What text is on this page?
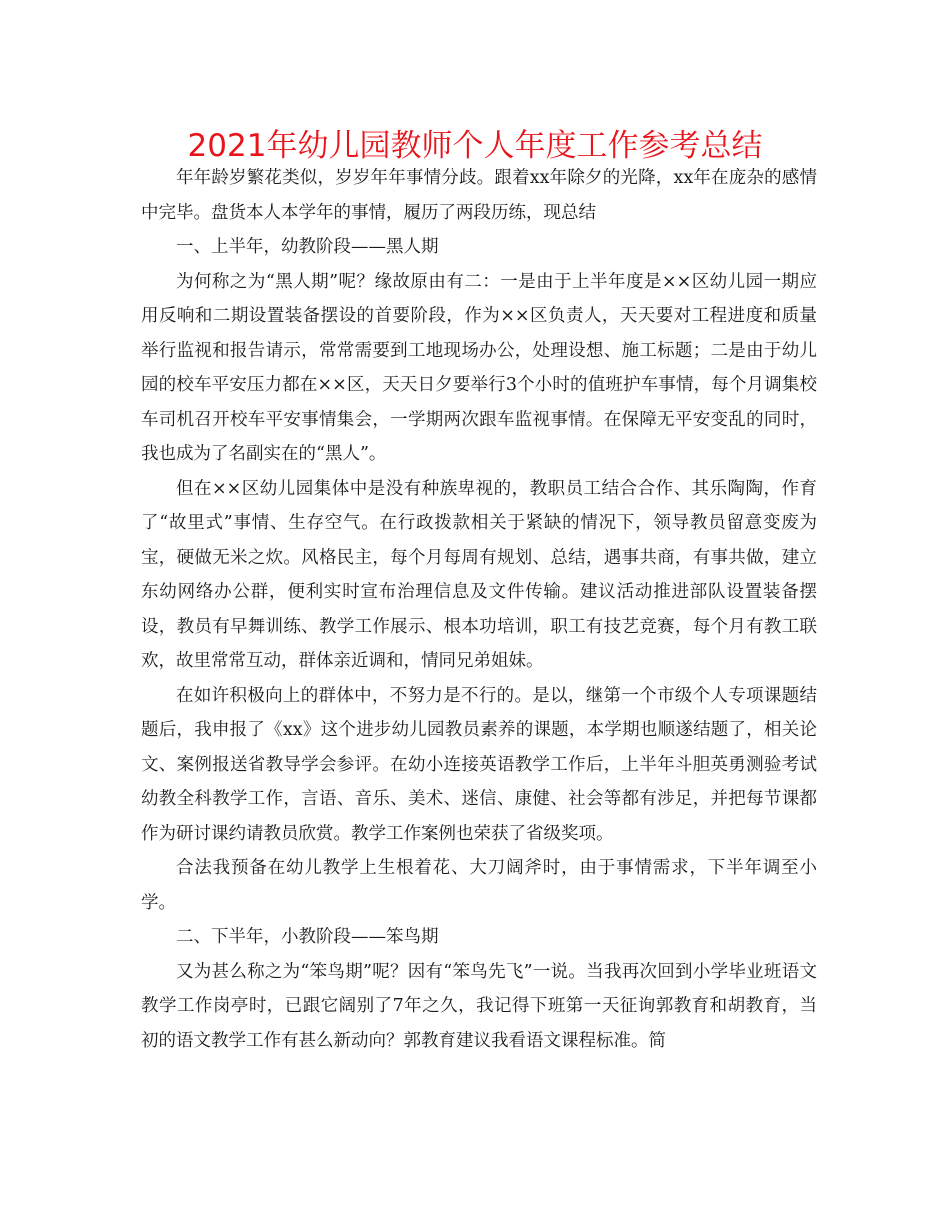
2021年幼儿园教师个人年度工作参考总结

年年龄岁繁花类似，岁岁年年事情分歧。跟着xx年除夕的光降，xx年在庞杂的感情中完毕。盘货本人本学年的事情，履历了两段历练，现总结

一、上半年，幼教阶段——黑人期

为何称之为“黑人期”呢？缘故原由有二：一是由于上半年度是××区幼儿园一期应用反响和二期设置装备摆设的首要阶段，作为××区负责人，天天要对工程进度和质量举行监视和报告请示，常常需要到工地现场办公，处理设想、施工标题；二是由于幼儿园的校车平安压力都在××区，天天日夕要举行3个小时的值班护车事情，每个月调集校车司机召开校车平安事情集会，一学期两次跟车监视事情。在保障无平安变乱的同时，我也成为了名副实在的“黑人”。

但在××区幼儿园集体中是没有种族卑视的，教职员工结合合作、其乐陶陶，作育了“故里式”事情、生存空气。在行政拨款相关于紧缺的情况下，领导教员留意变废为宝，硬做无米之炊。风格民主，每个月每周有规划、总结，遇事共商，有事共做，建立东幼网络办公群，便利实时宣布治理信息及文件传输。建议活动推进部队设置装备摆设，教员有早舞训练、教学工作展示、根本功培训，职工有技艺竞赛，每个月有教工联欢，故里常常互动，群体亲近调和，情同兄弟姐妹。

在如许积极向上的群体中，不努力是不行的。是以，继第一个市级个人专项课题结题后，我申报了《xx》这个进步幼儿园教员素养的课题，本学期也顺遂结题了，相关论文、案例报送省教导学会参评。在幼小连接英语教学工作后，上半年斗胆英勇测验考试幼教全科教学工作，言语、音乐、美术、迷信、康健、社会等都有涉足，并把每节课都作为研讨课约请教员欣赏。教学工作案例也荣获了省级奖项。

合法我预备在幼儿教学上生根着花、大刀阔斧时，由于事情需求，下半年调至小学。

二、下半年，小教阶段——笨鸟期

又为甚么称之为“笨鸟期”呢？因有“笨鸟先飞”一说。当我再次回到小学毕业班语文教学工作岗亭时，已跟它阔别了7年之久，我记得下班第一天征询郭教育和胡教育，当初的语文教学工作有甚么新动向？郭教育建议我看语文课程标准。简
